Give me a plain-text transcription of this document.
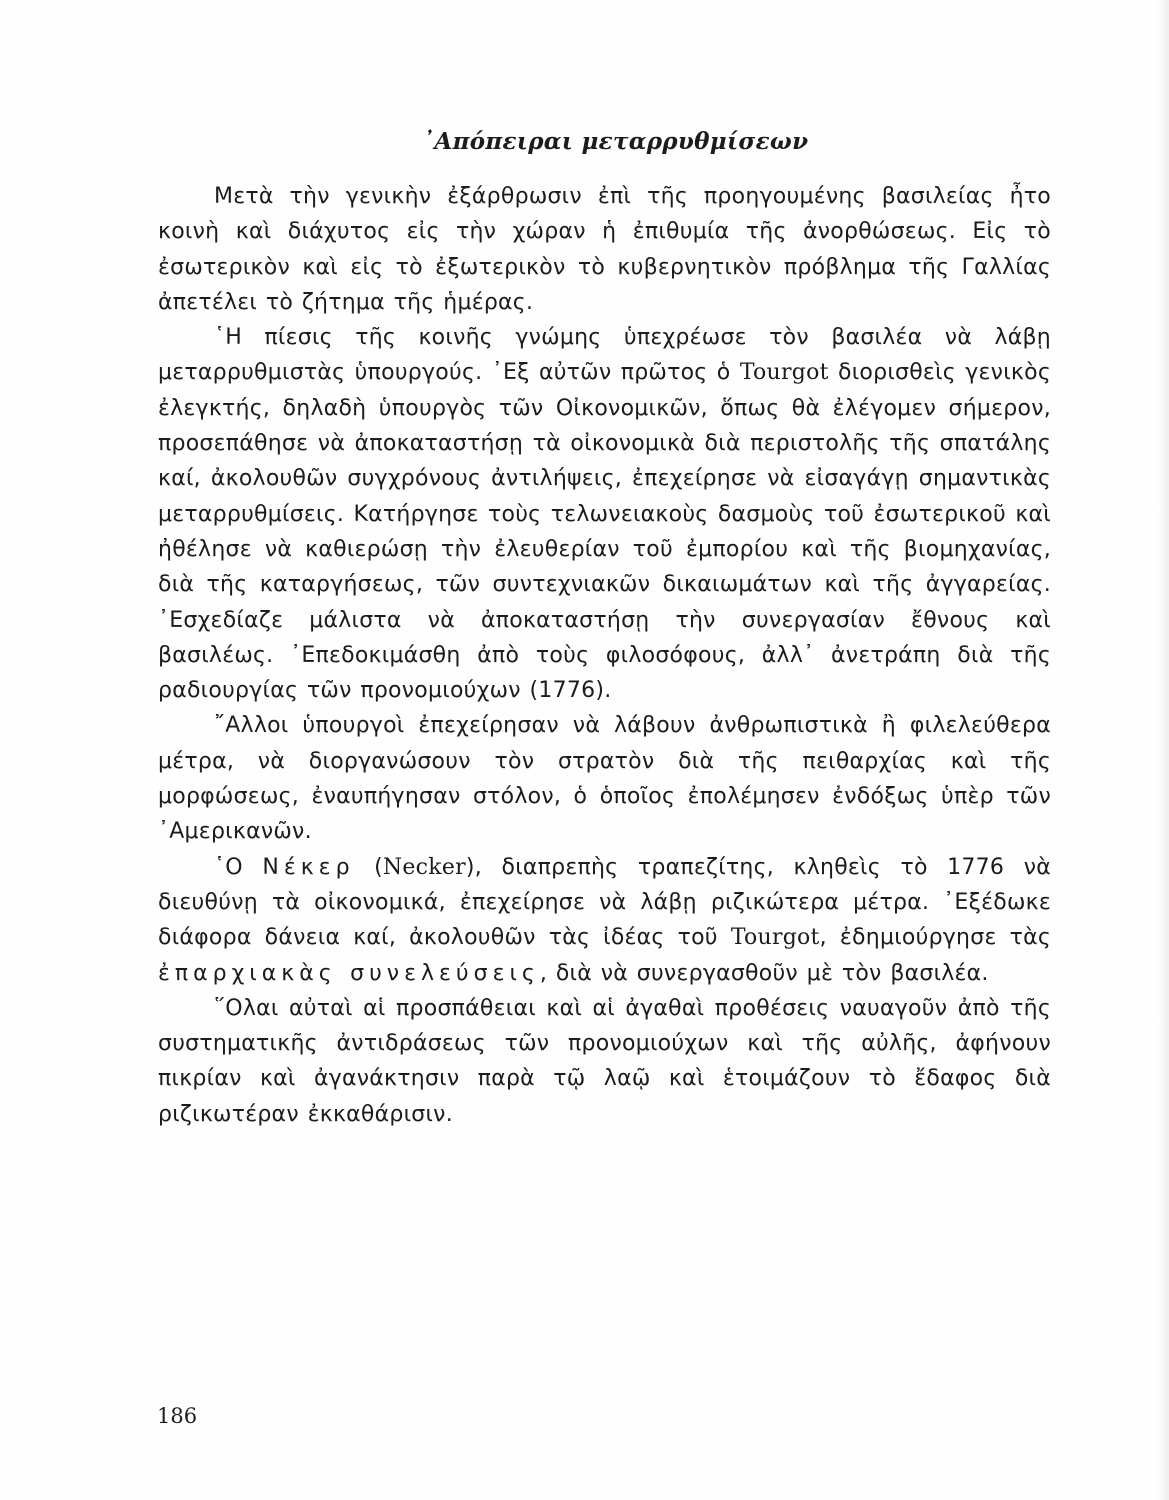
᾿Απόπειραι μεταρρυθμίσεων

Μετὰ τὴν γενικὴν ἐξάρθρωσιν ἐπὶ τῆς προηγουμένης βασιλείας ἦτο κοινὴ καὶ διάχυτος εἰς τὴν χώραν ἡ ἐπιθυμία τῆς ἀνορθώσεως. Εἰς τὸ ἐσωτερικὸν καὶ εἰς τὸ ἐξωτερικὸν τὸ κυβερνητικὸν πρόβλημα τῆς Γαλλίας ἀπετέλει τὸ ζήτημα τῆς ἡμέρας.

῾Η πίεσις τῆς κοινῆς γνώμης ὑπεχρέωσε τὸν βασιλέα νὰ λάβῃ μεταρρυθμιστὰς ὑπουργούς. ᾿Εξ αὐτῶν πρῶτος ὁ Tourgot διορισθεὶς γενικὸς ἐλεγκτής, δηλαδὴ ὑπουργὸς τῶν Οἰκονομικῶν, ὅπως θὰ ἐλέγομεν σήμερον, προσεπάθησε νὰ ἀποκαταστήσῃ τὰ οἰκονομικὰ διὰ περιστολῆς τῆς σπατάλης καί, ἀκολουθῶν συγχρόνους ἀντιλήψεις, ἐπεχείρησε νὰ εἰσαγάγῃ σημαντικὰς μεταρρυθμίσεις. Κατήργησε τοὺς τελωνειακοὺς δασμοὺς τοῦ ἐσωτερικοῦ καὶ ἠθέλησε νὰ καθιερώσῃ τὴν ἐλευθερίαν τοῦ ἐμπορίου καὶ τῆς βιομηχανίας, διὰ τῆς καταργήσεως, τῶν συντεχνιακῶν δικαιωμάτων καὶ τῆς ἀγγαρείας. ᾿Εσχεδίαζε μάλιστα νὰ ἀποκαταστήσῃ τὴν συνεργασίαν ἔθνους καὶ βασιλέως. ᾿Επεδοκιμάσθη ἀπὸ τοὺς φιλοσόφους, ἀλλ᾿ ἀνετράπη διὰ τῆς ραδιουργίας τῶν προνομιούχων (1776).

῎Αλλοι ὑπουργοὶ ἐπεχείρησαν νὰ λάβουν ἀνθρωπιστικὰ ἢ φιλελεύθερα μέτρα, νὰ διοργανώσουν τὸν στρατὸν διὰ τῆς πειθαρχίας καὶ τῆς μορφώσεως, ἐναυπήγησαν στόλον, ὁ ὁποῖος ἐπολέμησεν ἐνδόξως ὑπὲρ τῶν ᾿Αμερικανῶν.

῾Ο Νέκερ (Necker), διαπρεπὴς τραπεζίτης, κληθεὶς τὸ 1776 νὰ διευθύνῃ τὰ οἰκονομικά, ἐπεχείρησε νὰ λάβῃ ριζικώτερα μέτρα. ᾿Εξέδωκε διάφορα δάνεια καί, ἀκολουθῶν τὰς ἰδέας τοῦ Tourgot, ἐδημιούργησε τὰς ἐπαρχιακὰς συνελεύσεις, διὰ νὰ συνεργασθοῦν μὲ τὸν βασιλέα.

῞Ολαι αὐταὶ αἱ προσπάθειαι καὶ αἱ ἀγαθαὶ προθέσεις ναυαγοῦν ἀπὸ τῆς συστηματικῆς ἀντιδράσεως τῶν προνομιούχων καὶ τῆς αὐλῆς, ἀφήνουν πικρίαν καὶ ἀγανάκτησιν παρὰ τῷ λαῷ καὶ ἑτοιμάζουν τὸ ἔδαφος διὰ ριζικωτέραν ἐκκαθάρισιν.

186
